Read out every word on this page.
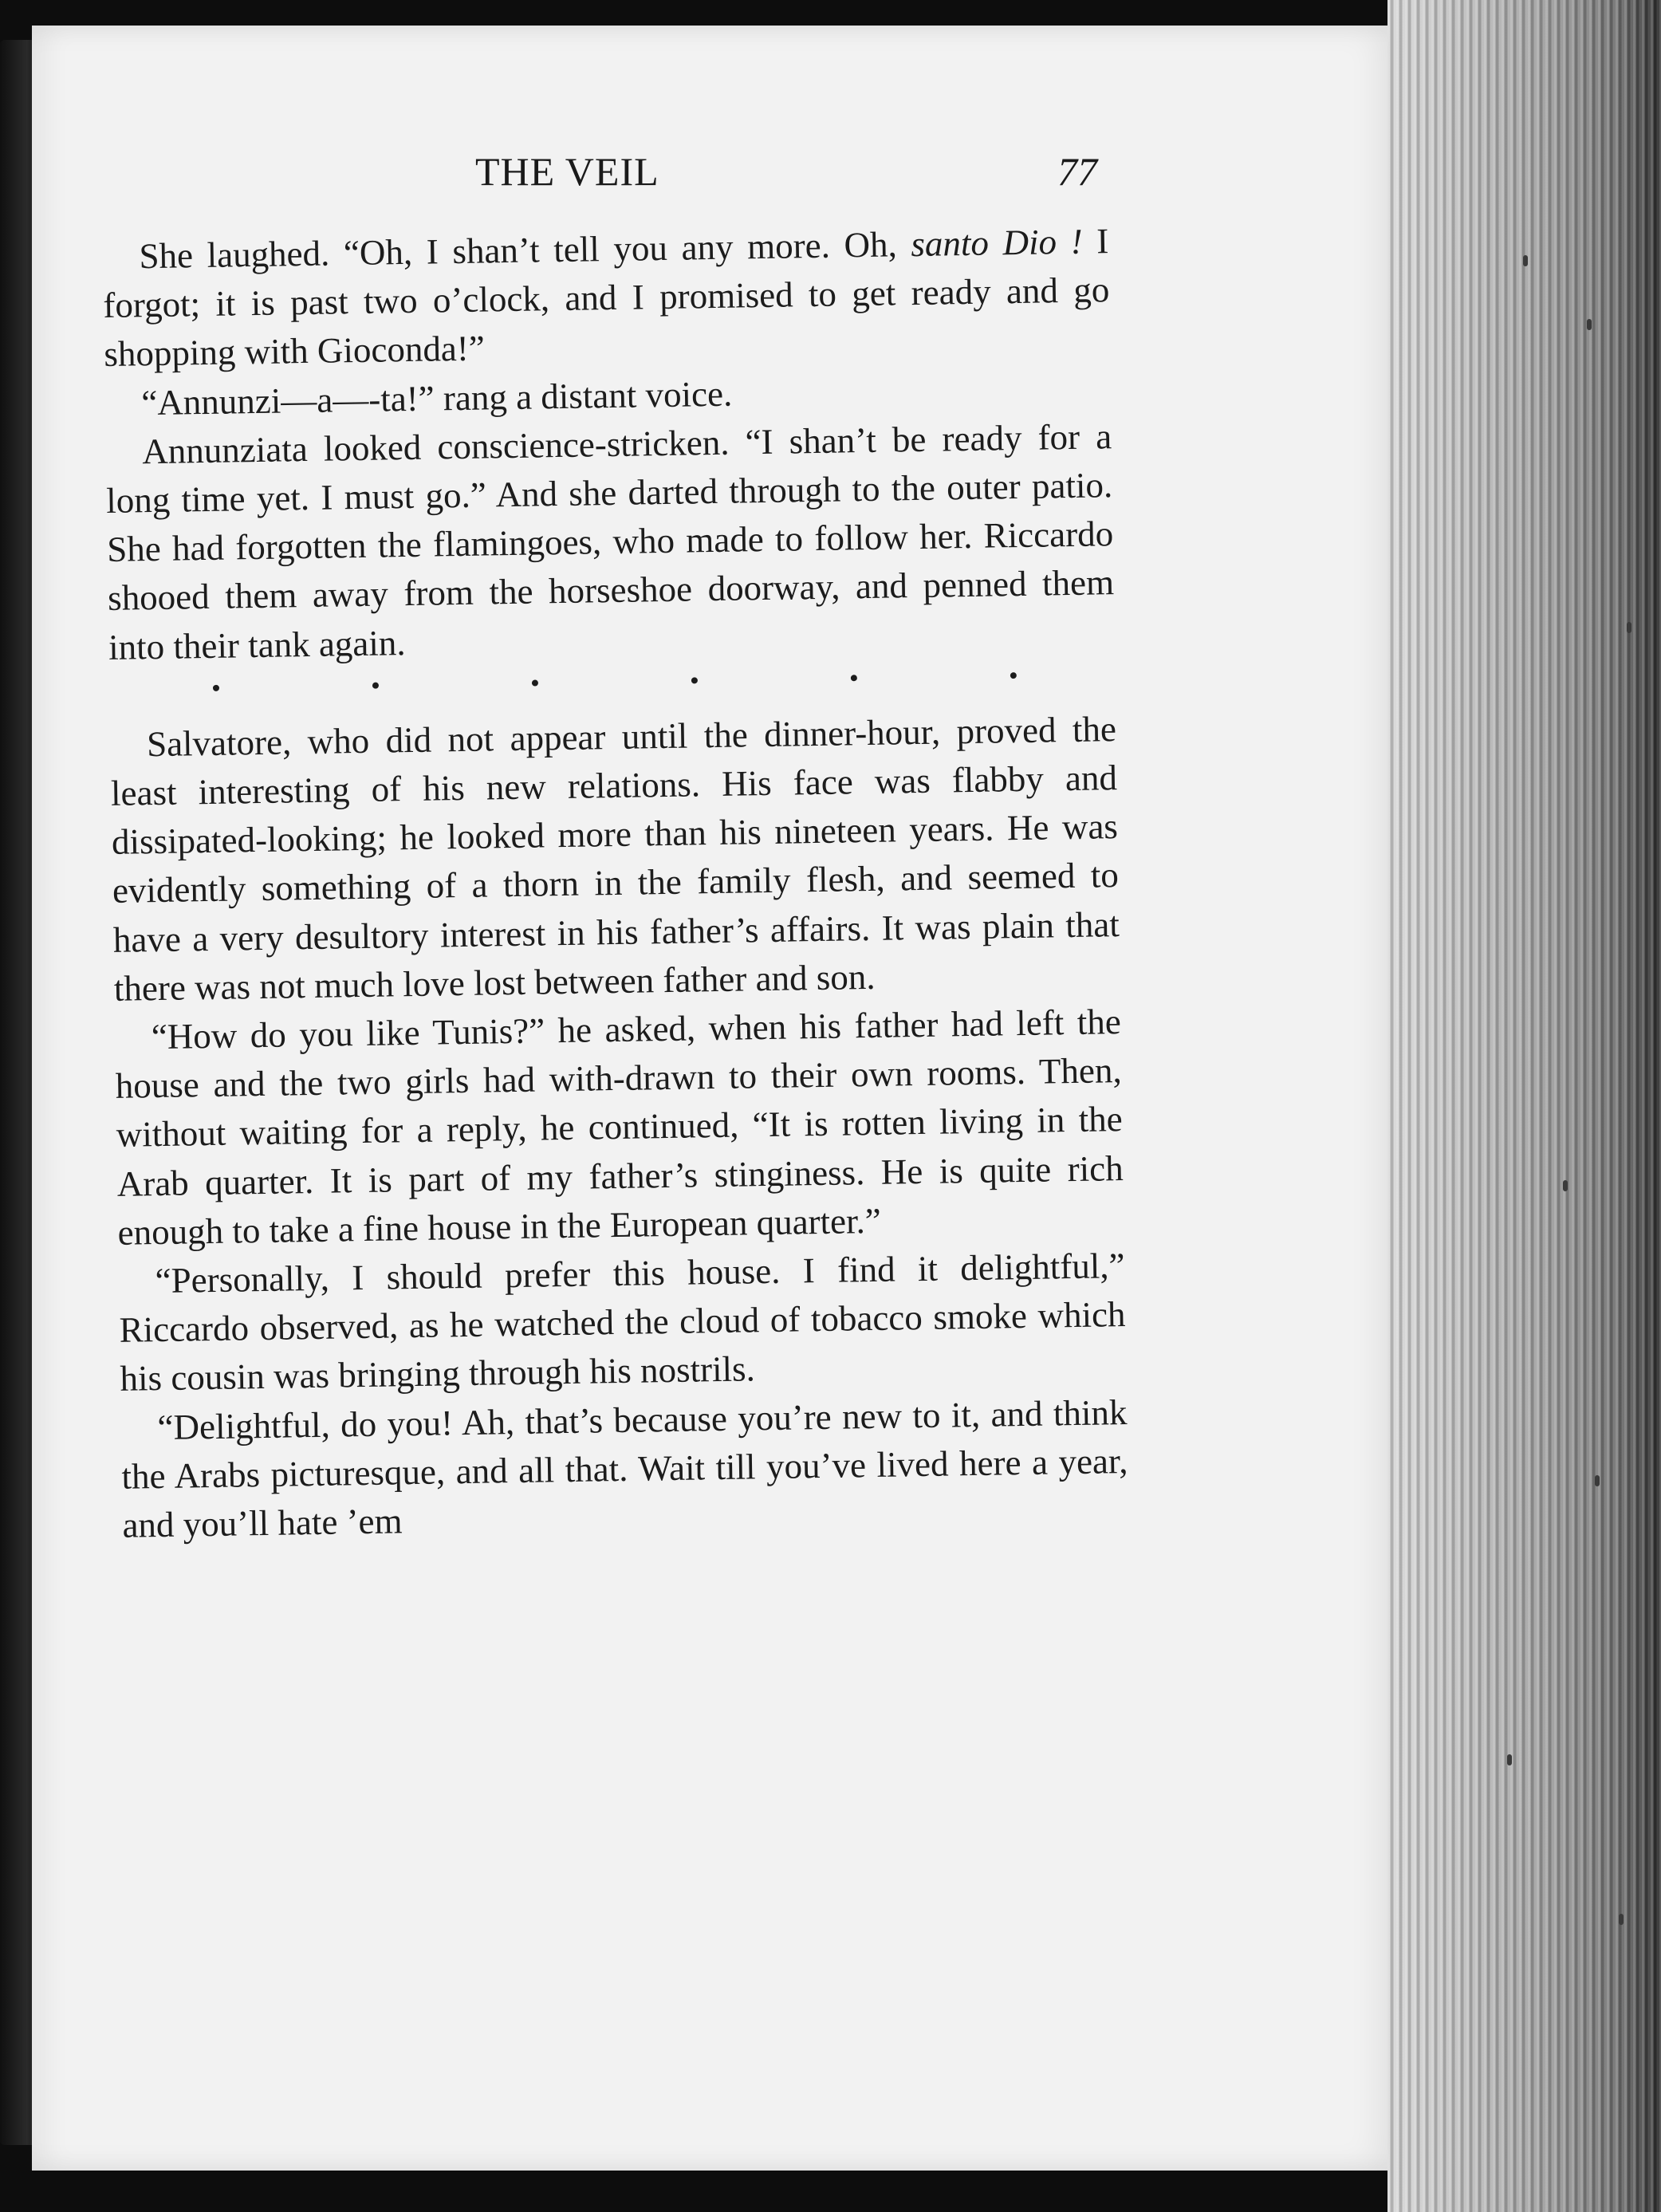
THE VEIL	77

She laughed. “Oh, I shan’t tell you any more. Oh, santo Dio ! I forgot; it is past two o’clock, and I promised to get ready and go shopping with Gioconda!”

“Annunzi—a—-ta!” rang a distant voice.

Annunziata looked conscience-stricken. “I shan’t be ready for a long time yet. I must go.” And she darted through to the outer patio. She had forgotten the flamingoes, who made to follow her. Riccardo shooed them away from the horseshoe doorway, and penned them into their tank again.

Salvatore, who did not appear until the dinner-hour, proved the least interesting of his new relations. His face was flabby and dissipated-looking; he looked more than his nineteen years. He was evidently something of a thorn in the family flesh, and seemed to have a very desultory interest in his father’s affairs. It was plain that there was not much love lost between father and son.

“How do you like Tunis?” he asked, when his father had left the house and the two girls had with-drawn to their own rooms. Then, without waiting for a reply, he continued, “It is rotten living in the Arab quarter. It is part of my father’s stinginess. He is quite rich enough to take a fine house in the European quarter.”

“Personally, I should prefer this house. I find it delightful,” Riccardo observed, as he watched the cloud of tobacco smoke which his cousin was bringing through his nostrils.

“Delightful, do you! Ah, that’s because you’re new to it, and think the Arabs picturesque, and all that. Wait till you’ve lived here a year, and you’ll hate ’em
